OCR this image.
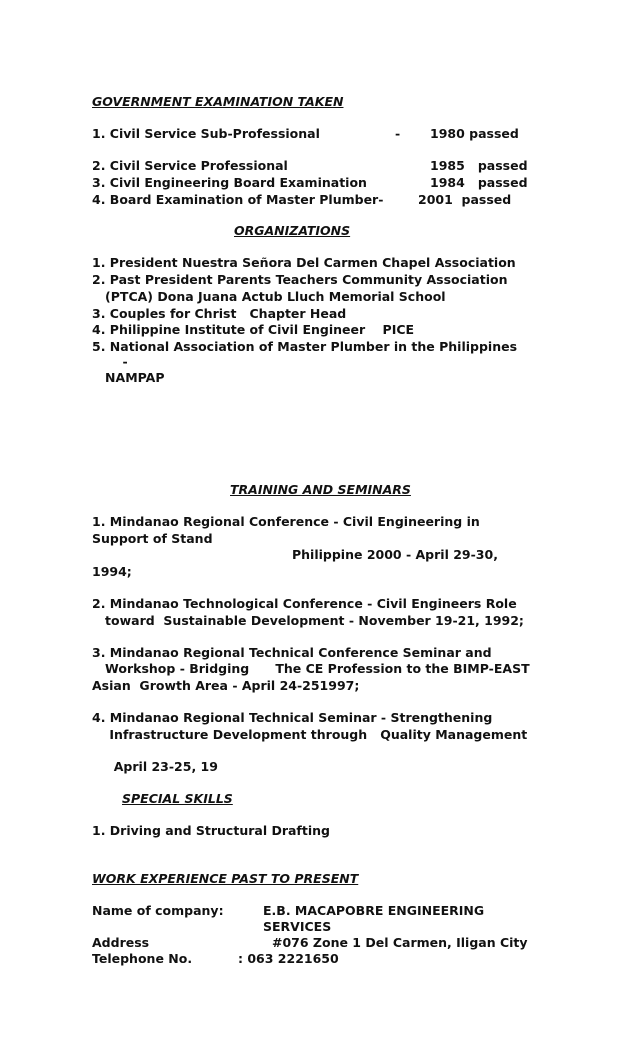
GOVERNMENT EXAMINATION TAKEN
1. Civil Service Sub-Professional	- 1980 passed
2. Civil Service Professional	1985   passed
3. Civil Engineering Board Examination	1984   passed
4. Board Examination of Master Plumber-	2001  passed
ORGANIZATIONS
1. President Nuestra Señora Del Carmen Chapel Association
2. Past President Parents Teachers Community Association
(PTCA) Dona Juana Actub Lluch Memorial School
3. Couples for Christ   Chapter Head
4. Philippine Institute of Civil Engineer    PICE
5. National Association of Master Plumber in the Philippines
-
NAMPAP
TRAINING AND SEMINARS
1. Mindanao Regional Conference - Civil Engineering in
Support of Stand
Philippine 2000 - April 29-30,
1994;
2. Mindanao Technological Conference - Civil Engineers Role
toward  Sustainable Development - November 19-21, 1992;
3. Mindanao Regional Technical Conference Seminar and
Workshop - Bridging      The CE Profession to the BIMP-EAST
Asian  Growth Area - April 24-251997;
4. Mindanao Regional Technical Seminar - Strengthening
Infrastructure Development through   Quality Management
April 23-25, 19
SPECIAL SKILLS
1. Driving and Structural Drafting
WORK EXPERIENCE PAST TO PRESENT
Name of company:	E.B. MACAPOBRE ENGINEERING
SERVICES
Address	#076 Zone 1 Del Carmen, Iligan City
Telephone No.	: 063 2221650
